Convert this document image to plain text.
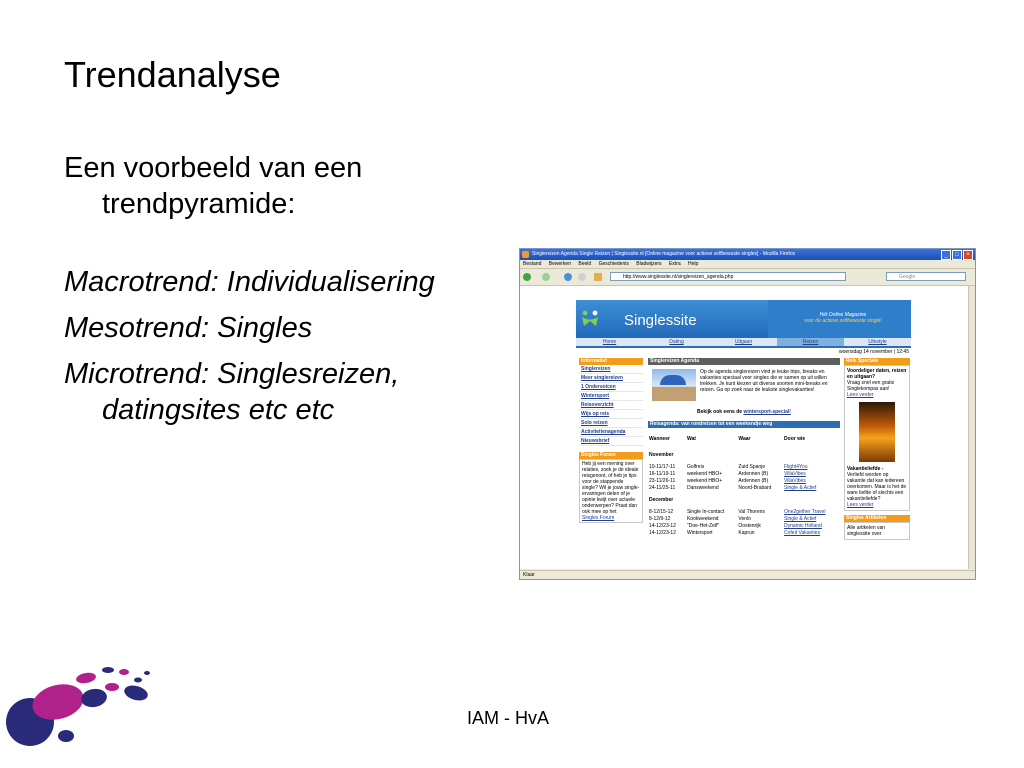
Trendanalyse
Een voorbeeld van een trendpyramide:
Macrotrend: Individualisering
Mesotrend: Singles
Microtrend: Singlesreizen, datingsites etc etc
Singlereizen Agenda Single Reizen | Singlessite.nl [Online magazine voor actieve zelfbewuste singles] - Mozilla Firefox	_	□	×
Bestand Bewerken Beeld Geschiedenis Bladwijzers Extra Help
http://www.singlessite.nl/singlereizen_agenda.php	Google
Singlessite	Hét Online Magazine
voor de actieve zelfbewuste single!
Home	Dating	Uitgaan	Reizen	Lifestyle
woensdag 14 november | 12:45
Informatief
Singlereizen
Meer singlereizen
1 Ondersoicen
Wintersport
Reisoverzicht
Wijs op reis
Solo reizen
Activiteitenagenda
Nieuwsbrief
Singles Forum
Heb jij een mening over relaties, zoek je de ideale reisgenoot, of heb je tips voor de stappende single? Wil je jouw single-ervaringen delen of je opinie kwijt over actuele onderwerpen? Praat dan ook mee op het
Singles Forum
Singlereizen Agenda
Op de agenda singlereizen vind je leuke trips, breaks en vakanties speciaal voor singles die er samen op uit willen trekken. Je kunt kiezen uit diverse soorten mini-breaks en reizen. Ga op zoek naar de leukste singlevakanties!
Bekijk ook eens de wintersport-special!
Reisagenda: van rondreizen tot een weekendje weg
Wanneer	Wat	Waar	Door wie
November			
10-11/17-11	Golfreis	Zuid Spanje	Flight4You
16-11/19-11	weekend HBO+	Ardennen (B)	VillaVibes
23-11/26-11	weekend HBO+	Ardennen (B)	VillaVibes
24-11/25-11	Dansweekend	Noord-Brabant	Single & Actief
December			
8-12/15-12	Single In-contact	Val Thorens	One2gether Travel
8-12/9-12	Kookweekend	Venlo	Single & Actief
14-12/23-12	"Doe-Het-Zelf"	Oostenrijk	Dynamic Holland
14-12/23-12	Wintersport	Kaprun	Cofeit Vakanties
Reis Speciale
Voordeliger daten, reizen en uitgaan?
Vraag snel een gratis Singlekompas aan!
Lees verder
Vakantieliefde -
Verliefd worden op vakantie dat kan iedereen overkomen. Maar is het de ware liefde of slechts een vakantieliefde?
Lees verder
Singles Artikelen
Alle artikelen van singlessite over
Klaar
IAM - HvA
